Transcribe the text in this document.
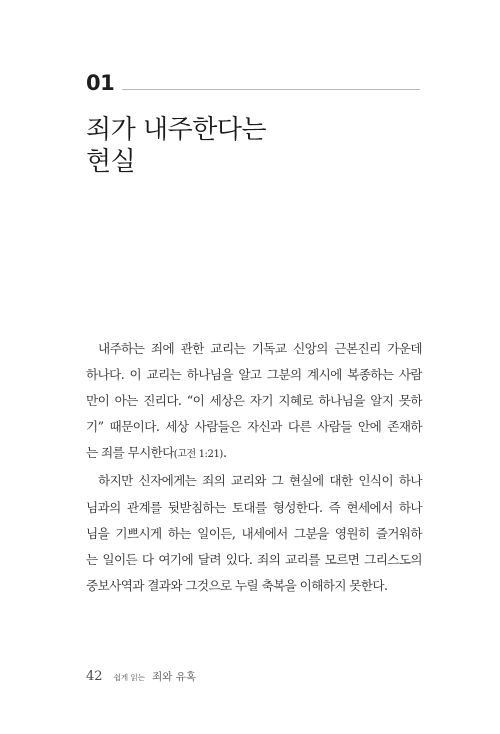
01
죄가 내주한다는
현실

내주하는 죄에 관한 교리는 기독교 신앙의 근본진리 가운데
하나다. 이 교리는 하나님을 알고 그분의 계시에 복종하는 사람
만이 아는 진리다. “이 세상은 자기 지혜로 하나님을 알지 못하
기” 때문이다. 세상 사람들은 자신과 다른 사람들 안에 존재하
는 죄를 무시한다(고전 1:21).

하지만 신자에게는 죄의 교리와 그 현실에 대한 인식이 하나
님과의 관계를 뒷받침하는 토대를 형성한다. 즉 현세에서 하나
님을 기쁘시게 하는 일이든, 내세에서 그분을 영원히 즐거워하
는 일이든 다 여기에 달려 있다. 죄의 교리를 모르면 그리스도의
중보사역과 결과와 그것으로 누릴 축복을 이해하지 못한다.

42 쉽게 읽는 죄와 유혹
